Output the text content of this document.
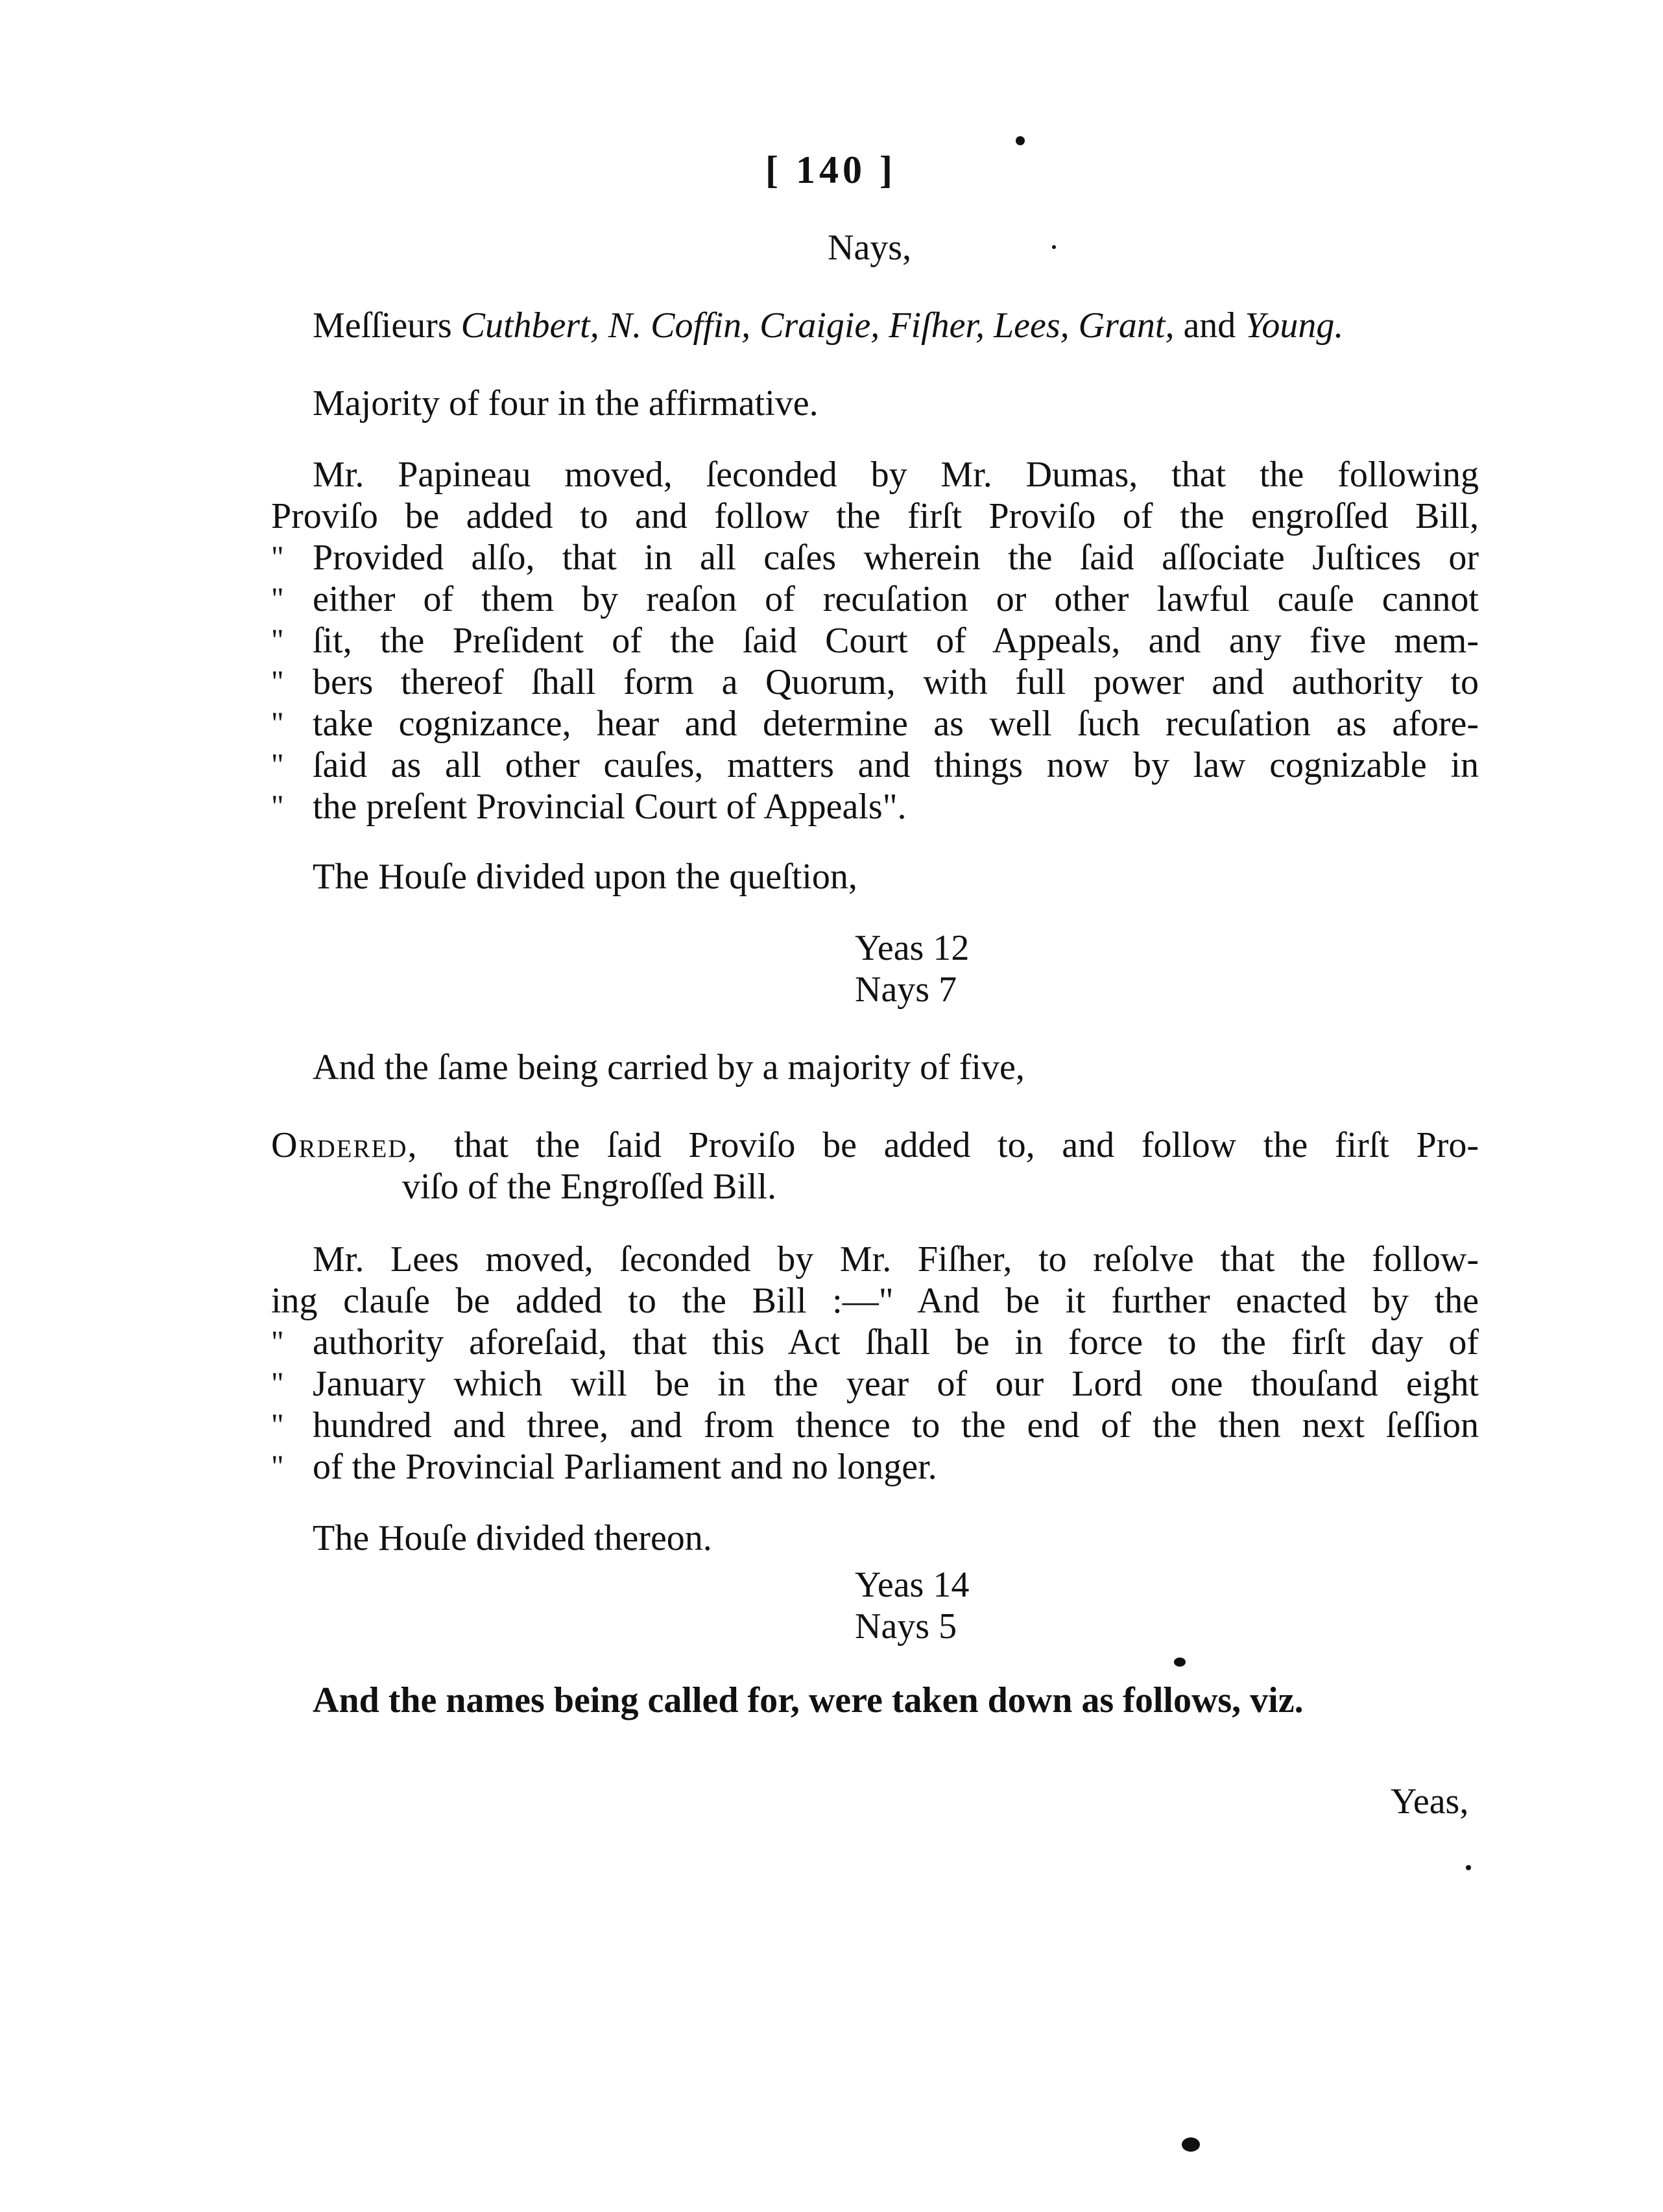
[ 140 ]
Nays,
Meſſieurs Cuthbert, N. Coffin, Craigie, Fiſher, Lees, Grant, and Young.
Majority of four in the affirmative.
Mr. Papineau moved, ſeconded by Mr. Dumas, that the following
Proviſo be added to and follow the firſt Proviſo of the engroſſed Bill,
" Provided alſo, that in all caſes wherein the ſaid aſſociate Juſtices or
" either of them by reaſon of recuſation or other lawful cauſe cannot
" ſit, the Preſident of the ſaid Court of Appeals, and any five mem-
" bers thereof ſhall form a Quorum, with full power and authority to
" take cognizance, hear and determine as well ſuch recuſation as afore-
" ſaid as all other cauſes, matters and things now by law cognizable in
" the preſent Provincial Court of Appeals".
The Houſe divided upon the queſtion,
Yeas 12
Nays 7
And the ſame being carried by a majority of five,
Ordered, that the ſaid Proviſo be added to, and follow the firſt Pro-
viſo of the Engroſſed Bill.
Mr. Lees moved, ſeconded by Mr. Fiſher, to reſolve that the follow-
ing clauſe be added to the Bill :—" And be it further enacted by the
" authority aforeſaid, that this Act ſhall be in force to the firſt day of
" January which will be in the year of our Lord one thouſand eight
" hundred and three, and from thence to the end of the then next ſeſſion
" of the Provincial Parliament and no longer.
The Houſe divided thereon.
Yeas 14
Nays 5
And the names being called for, were taken down as follows, viz.
Yeas,
